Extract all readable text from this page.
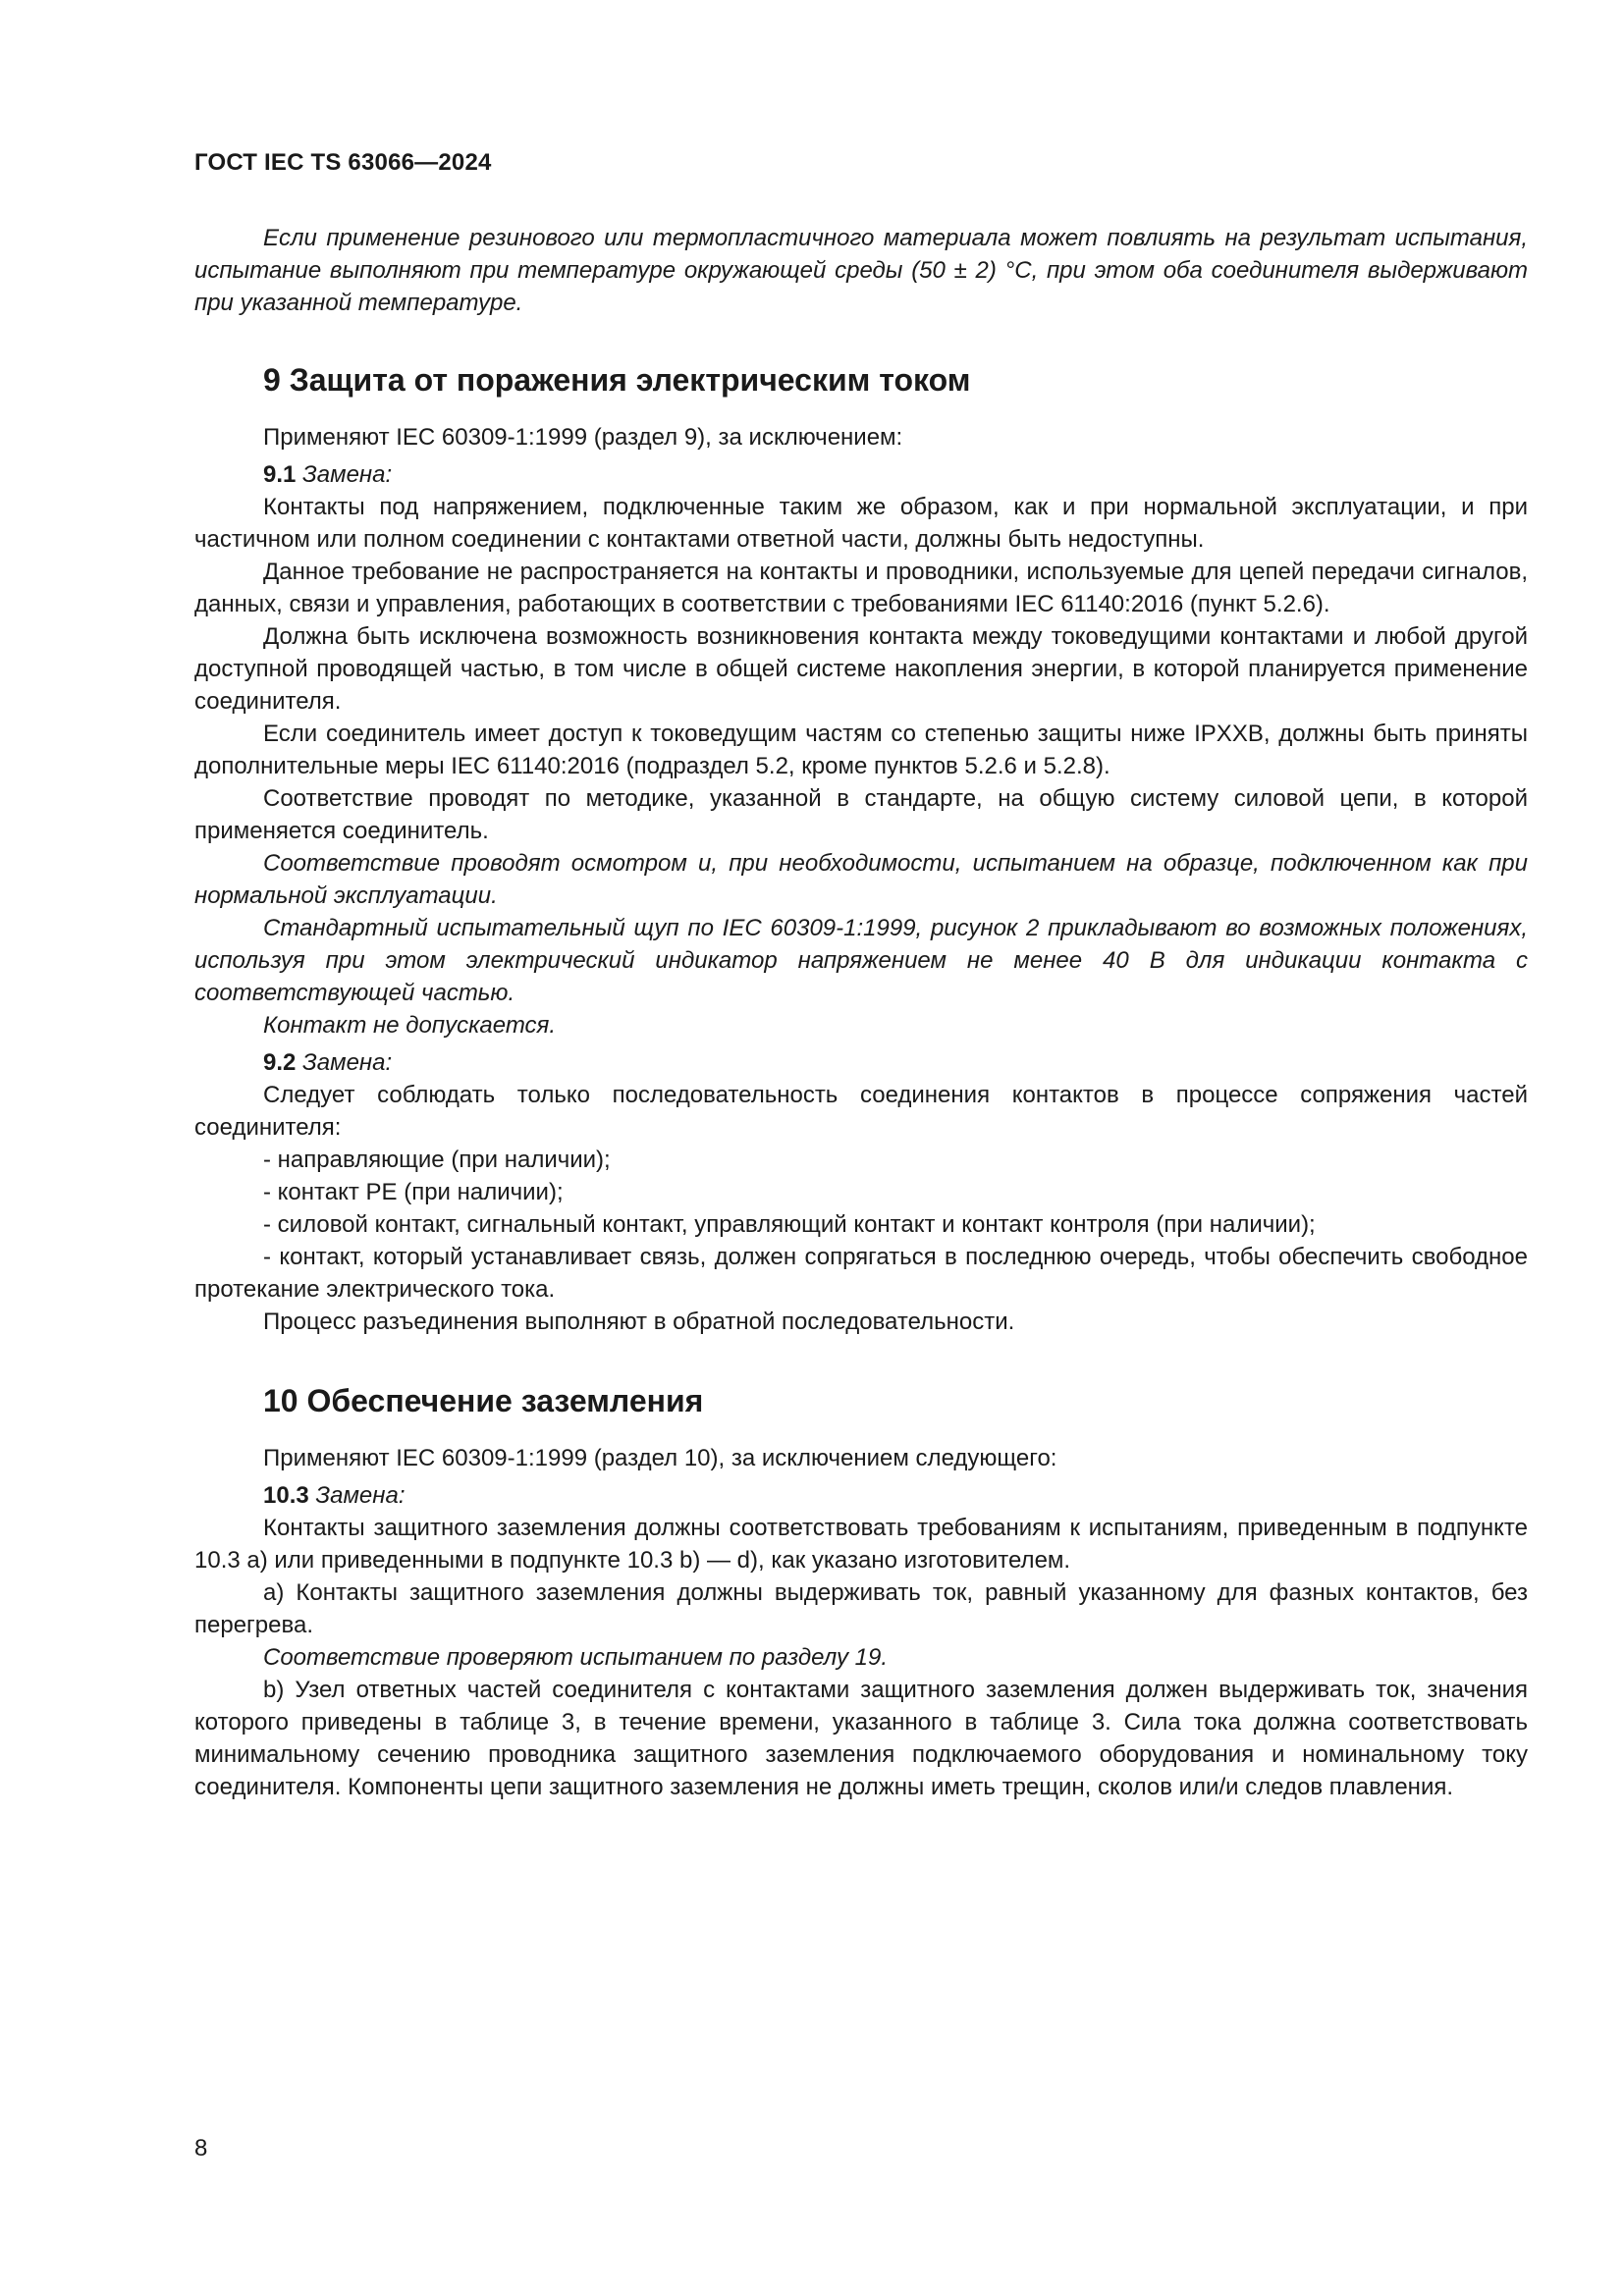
ГОСТ IEC TS 63066—2024

Если применение резинового или термопластичного материала может повлиять на результат испытания, испытание выполняют при температуре окружающей среды (50 ± 2) °С, при этом оба соединителя выдерживают при указанной температуре.

9 Защита от поражения электрическим током

Применяют IEC 60309-1:1999 (раздел 9), за исключением:

9.1 Замена:

Контакты под напряжением, подключенные таким же образом, как и при нормальной эксплуатации, и при частичном или полном соединении с контактами ответной части, должны быть недоступны.

Данное требование не распространяется на контакты и проводники, используемые для цепей передачи сигналов, данных, связи и управления, работающих в соответствии с требованиями IEC 61140:2016 (пункт 5.2.6).

Должна быть исключена возможность возникновения контакта между токоведущими контактами и любой другой доступной проводящей частью, в том числе в общей системе накопления энергии, в которой планируется применение соединителя.

Если соединитель имеет доступ к токоведущим частям со степенью защиты ниже IPXXB, должны быть приняты дополнительные меры IEC 61140:2016 (подраздел 5.2, кроме пунктов 5.2.6 и 5.2.8).

Соответствие проводят по методике, указанной в стандарте, на общую систему силовой цепи, в которой применяется соединитель.

Соответствие проводят осмотром и, при необходимости, испытанием на образце, подключенном как при нормальной эксплуатации.

Стандартный испытательный щуп по IEC 60309-1:1999, рисунок 2 прикладывают во возможных положениях, используя при этом электрический индикатор напряжением не менее 40 В для индикации контакта с соответствующей частью.

Контакт не допускается.

9.2 Замена:

Следует соблюдать только последовательность соединения контактов в процессе сопряжения частей соединителя:

- направляющие (при наличии);

- контакт РЕ (при наличии);

- силовой контакт, сигнальный контакт, управляющий контакт и контакт контроля (при наличии);

- контакт, который устанавливает связь, должен сопрягаться в последнюю очередь, чтобы обеспечить свободное протекание электрического тока.

Процесс разъединения выполняют в обратной последовательности.

10 Обеспечение заземления

Применяют IEC 60309-1:1999 (раздел 10), за исключением следующего:

10.3 Замена:

Контакты защитного заземления должны соответствовать требованиям к испытаниям, приведенным в подпункте 10.3 а) или приведенными в подпункте 10.3 b) — d), как указано изготовителем.

а) Контакты защитного заземления должны выдерживать ток, равный указанному для фазных контактов, без перегрева.

Соответствие проверяют испытанием по разделу 19.

b) Узел ответных частей соединителя с контактами защитного заземления должен выдерживать ток, значения которого приведены в таблице 3, в течение времени, указанного в таблице 3. Сила тока должна соответствовать минимальному сечению проводника защитного заземления подключаемого оборудования и номинальному току соединителя. Компоненты цепи защитного заземления не должны иметь трещин, сколов или/и следов плавления.

8
